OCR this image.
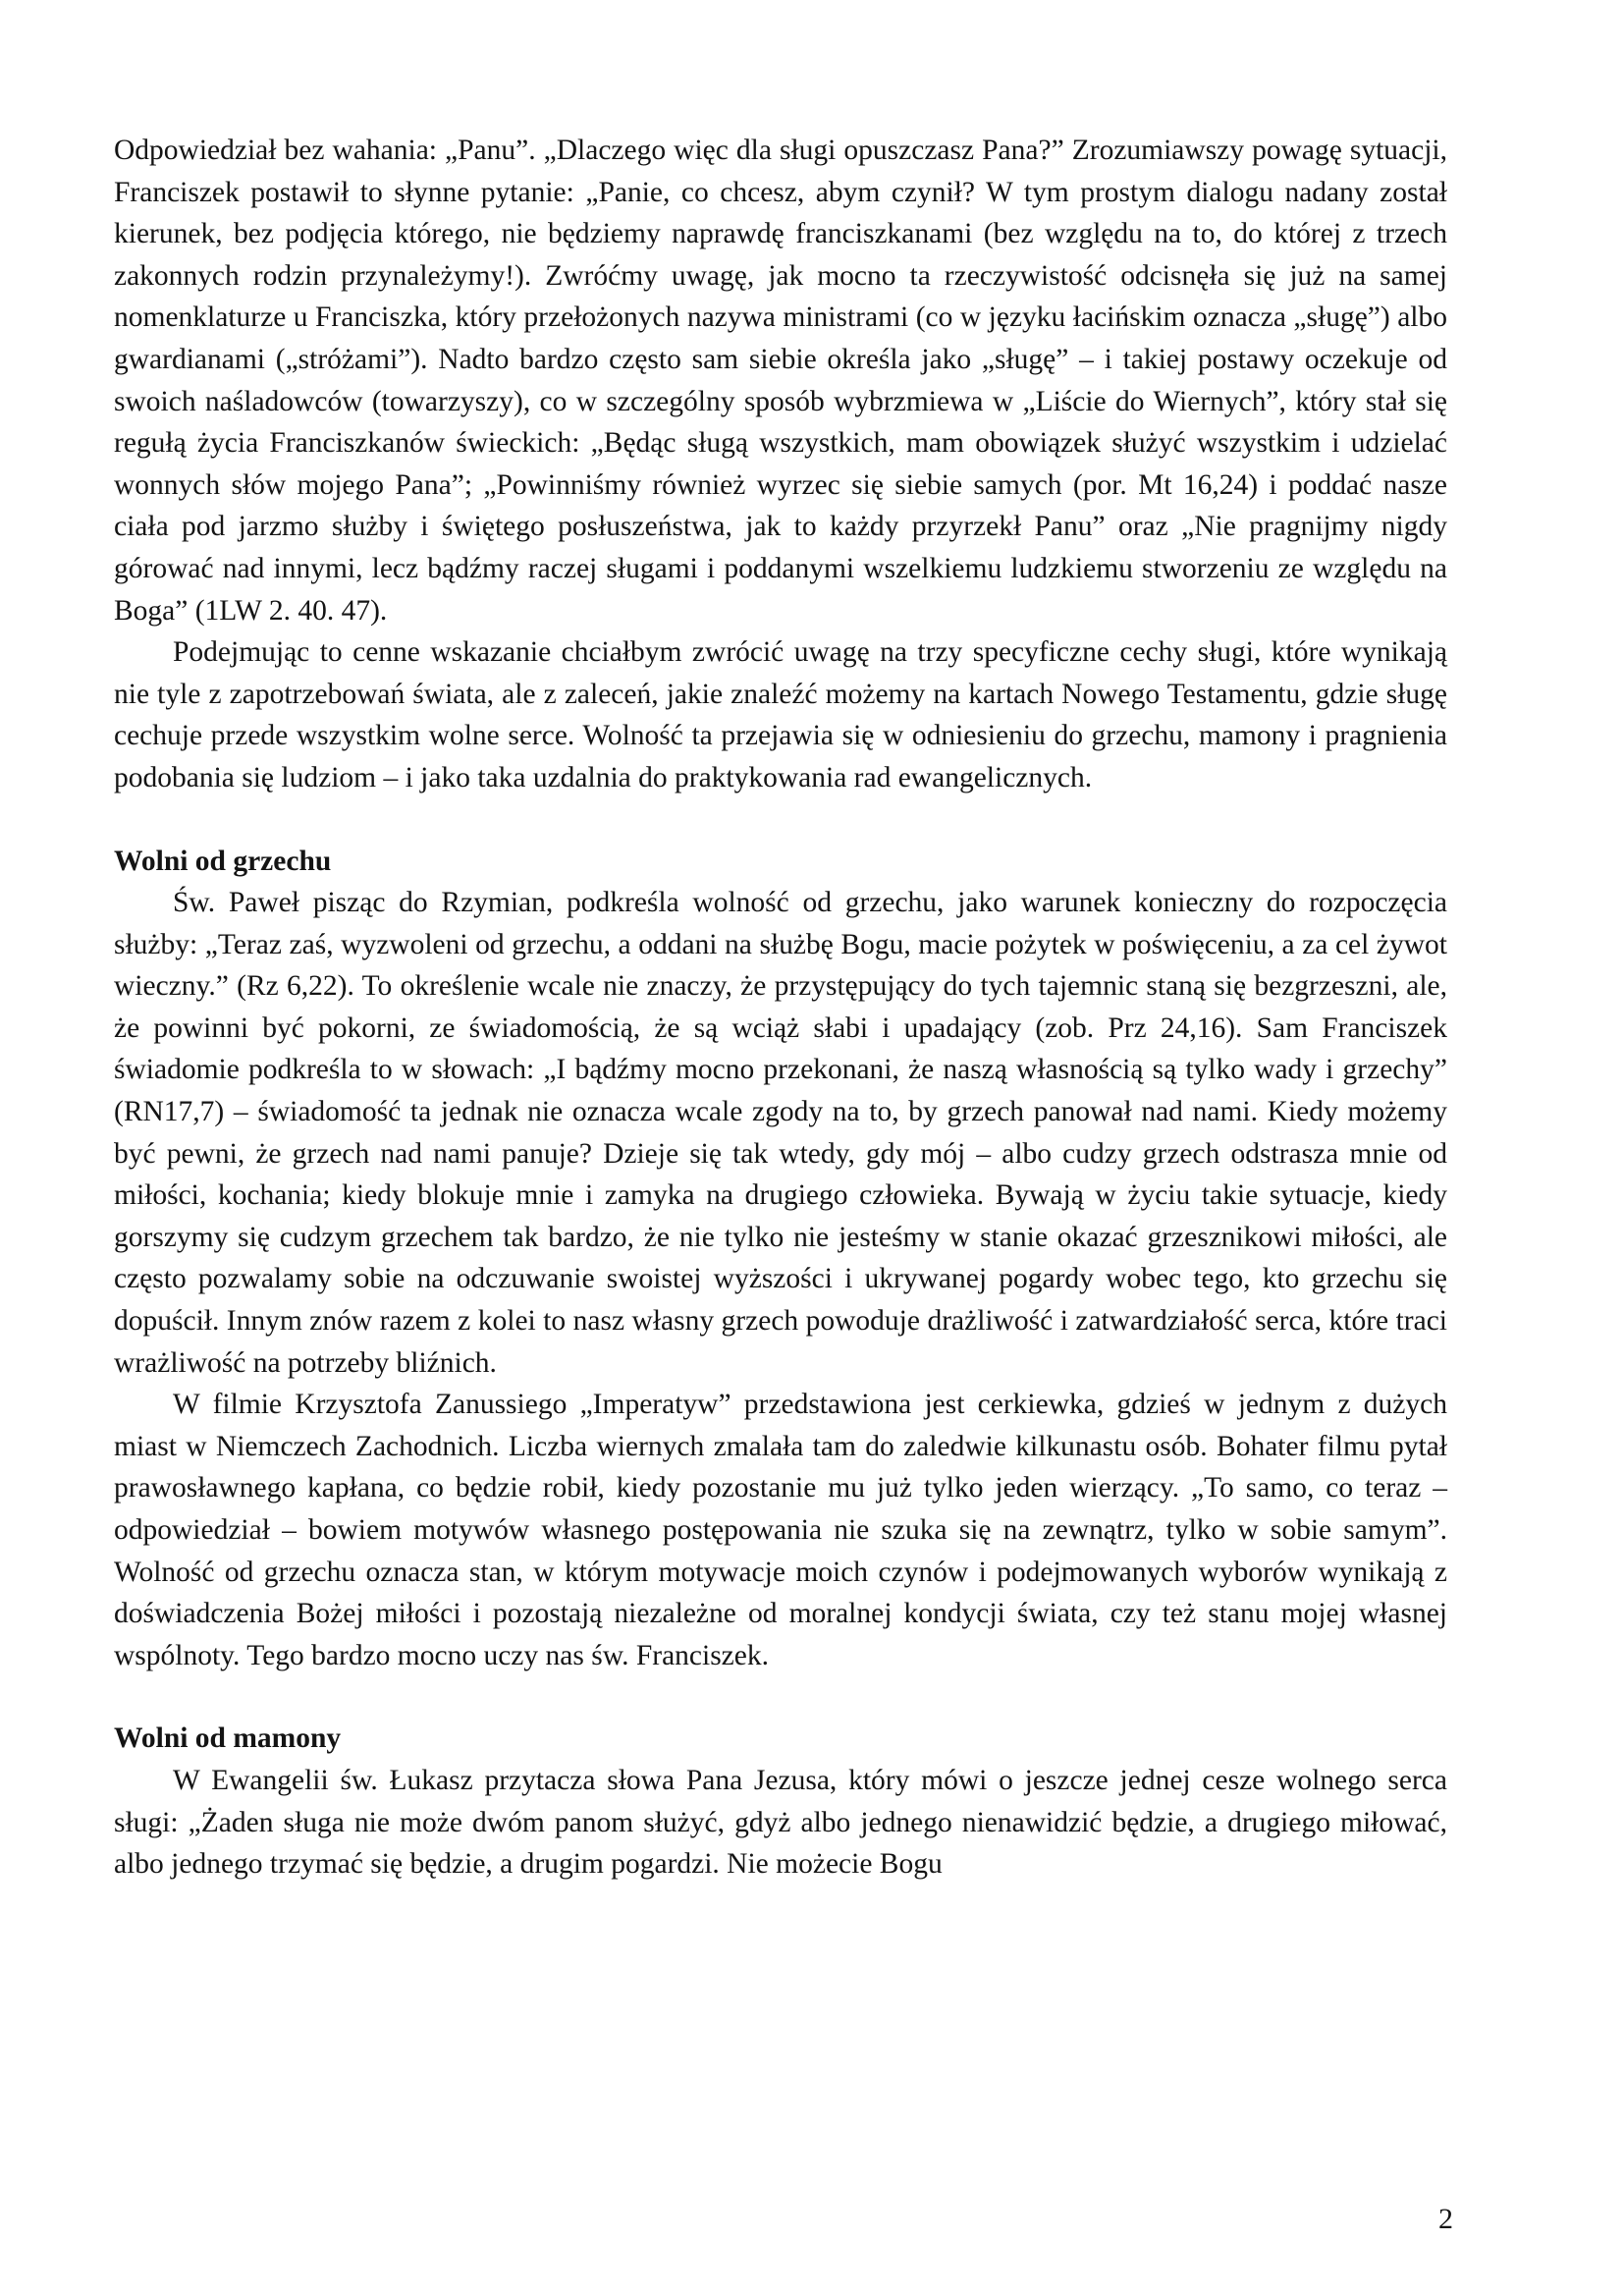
Odpowiedział bez wahania: „Panu”. „Dlaczego więc dla sługi opuszczasz Pana?” Zrozumiawszy powagę sytuacji, Franciszek postawił to słynne pytanie: „Panie, co chcesz, abym czynił? W tym prostym dialogu nadany został kierunek, bez podjęcia którego, nie będziemy naprawdę franciszkanami (bez względu na to, do której z trzech zakonnych rodzin przynależymy!). Zwróćmy uwagę, jak mocno ta rzeczywistość odcisnęła się już na samej nomenklaturze u Franciszka, który przełożonych nazywa ministrami (co w języku łacińskim oznacza „sługę”) albo gwardianami („stróżami”). Nadto bardzo często sam siebie określa jako „sługę” – i takiej postawy oczekuje od swoich naśladowców (towarzyszy), co w szczególny sposób wybrzmiewa w „Liście do Wiernych”, który stał się regułą życia Franciszkanów świeckich: „Będąc sługą wszystkich, mam obowiązek służyć wszystkim i udzielać wonnych słów mojego Pana”; „Powinniśmy również wyrzec się siebie samych (por. Mt 16,24) i poddać nasze ciała pod jarzmo służby i świętego posłuszeństwa, jak to każdy przyrzekł Panu” oraz „Nie pragnijmy nigdy górować nad innymi, lecz bądźmy raczej sługami i poddanymi wszelkiemu ludzkiemu stworzeniu ze względu na Boga” (1LW 2. 40. 47).

Podejmując to cenne wskazanie chciałbym zwrócić uwagę na trzy specyficzne cechy sługi, które wynikają nie tyle z zapotrzebowań świata, ale z zaleceń, jakie znaleźć możemy na kartach Nowego Testamentu, gdzie sługę cechuje przede wszystkim wolne serce. Wolność ta przejawia się w odniesieniu do grzechu, mamony i pragnienia podobania się ludziom – i jako taka uzdalnia do praktykowania rad ewangelicznych.

Wolni od grzechu

Św. Paweł pisząc do Rzymian, podkreśla wolność od grzechu, jako warunek konieczny do rozpoczęcia służby: „Teraz zaś, wyzwoleni od grzechu, a oddani na służbę Bogu, macie pożytek w poświęceniu, a za cel żywot wieczny.” (Rz 6,22). To określenie wcale nie znaczy, że przystępujący do tych tajemnic staną się bezgrzeszni, ale, że powinni być pokorni, ze świadomością, że są wciąż słabi i upadający (zob. Prz 24,16). Sam Franciszek świadomie podkreśla to w słowach: „I bądźmy mocno przekonani, że naszą własnością są tylko wady i grzechy” (RN17,7) – świadomość ta jednak nie oznacza wcale zgody na to, by grzech panował nad nami. Kiedy możemy być pewni, że grzech nad nami panuje? Dzieje się tak wtedy, gdy mój – albo cudzy grzech odstrasza mnie od miłości, kochania; kiedy blokuje mnie i zamyka na drugiego człowieka. Bywają w życiu takie sytuacje, kiedy gorszymy się cudzym grzechem tak bardzo, że nie tylko nie jesteśmy w stanie okazać grzesznikowi miłości, ale często pozwalamy sobie na odczuwanie swoistej wyższości i ukrywanej pogardy wobec tego, kto grzechu się dopuścił. Innym znów razem z kolei to nasz własny grzech powoduje drażliwość i zatwardziałość serca, które traci wrażliwość na potrzeby bliźnich.

W filmie Krzysztofa Zanussiego „Imperatyw” przedstawiona jest cerkiewka, gdzieś w jednym z dużych miast w Niemczech Zachodnich. Liczba wiernych zmalała tam do zaledwie kilkunastu osób. Bohater filmu pytał prawosławnego kapłana, co będzie robił, kiedy pozostanie mu już tylko jeden wierzący. „To samo, co teraz – odpowiedział – bowiem motywów własnego postępowania nie szuka się na zewnątrz, tylko w sobie samym”. Wolność od grzechu oznacza stan, w którym motywacje moich czynów i podejmowanych wyborów wynikają z doświadczenia Bożej miłości i pozostają niezależne od moralnej kondycji świata, czy też stanu mojej własnej wspólnoty. Tego bardzo mocno uczy nas św. Franciszek.

Wolni od mamony

W Ewangelii św. Łukasz przytacza słowa Pana Jezusa, który mówi o jeszcze jednej cesze wolnego serca sługi: „Żaden sługa nie może dwóm panom służyć, gdyż albo jednego nienawidzić będzie, a drugiego miłować, albo jednego trzymać się będzie, a drugim pogardzi. Nie możecie Bogu

2
